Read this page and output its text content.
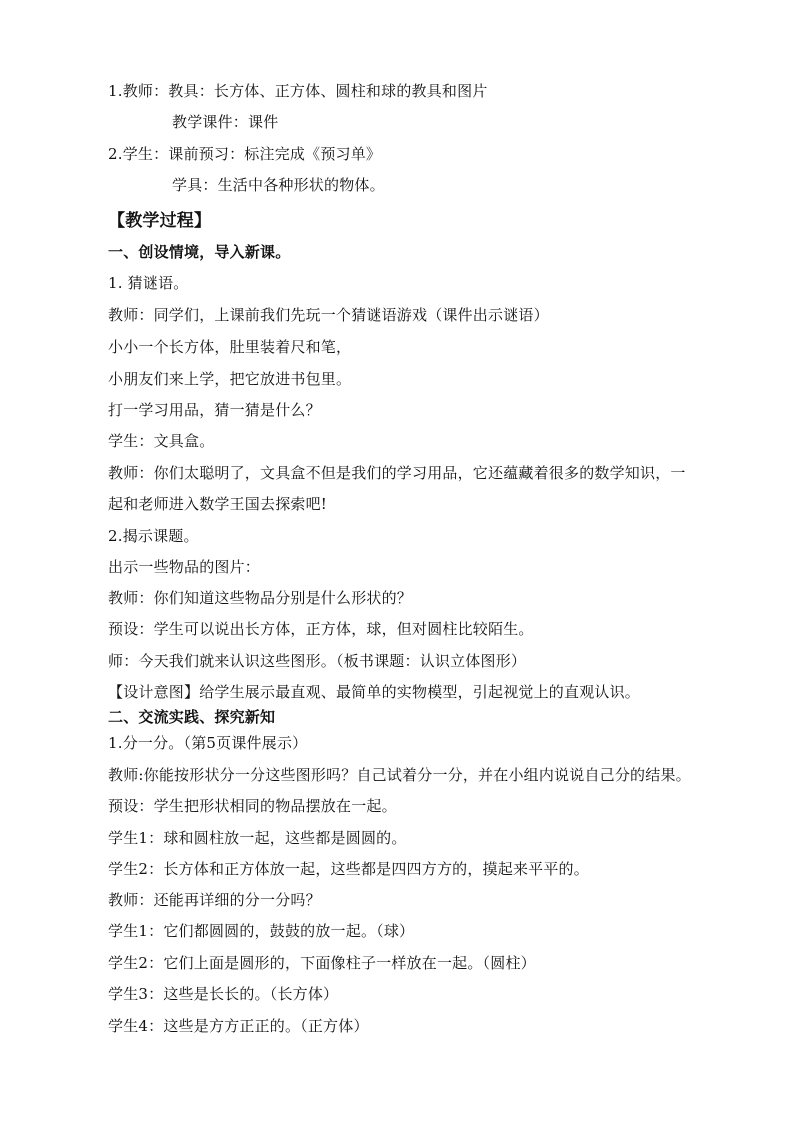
1.教师：教具：长方体、正方体、圆柱和球的教具和图片
教学课件：课件
2.学生：课前预习：标注完成《预习单》
学具：生活中各种形状的物体。
【教学过程】
一、创设情境，导入新课。
1. 猜谜语。
教师：同学们，上课前我们先玩一个猜谜语游戏（课件出示谜语）
小小一个长方体，肚里装着尺和笔，
小朋友们来上学，把它放进书包里。
打一学习用品，猜一猜是什么？
学生：文具盒。
教师：你们太聪明了，文具盒不但是我们的学习用品，它还蕴藏着很多的数学知识，一
起和老师进入数学王国去探索吧!
2.揭示课题。
出示一些物品的图片：
教师：你们知道这些物品分别是什么形状的？
预设：学生可以说出长方体，正方体，球，但对圆柱比较陌生。
师：今天我们就来认识这些图形。（板书课题：认识立体图形）
【设计意图】给学生展示最直观、最简单的实物模型，引起视觉上的直观认识。
二、交流实践、探究新知
1.分一分。（第5页课件展示）
教师:你能按形状分一分这些图形吗？自己试着分一分，并在小组内说说自己分的结果。
预设：学生把形状相同的物品摆放在一起。
学生1：球和圆柱放一起，这些都是圆圆的。
学生2：长方体和正方体放一起，这些都是四四方方的，摸起来平平的。
教师：还能再详细的分一分吗？
学生1：它们都圆圆的，鼓鼓的放一起。（球）
学生2：它们上面是圆形的，下面像柱子一样放在一起。（圆柱）
学生3：这些是长长的。（长方体）
学生4：这些是方方正正的。（正方体）
